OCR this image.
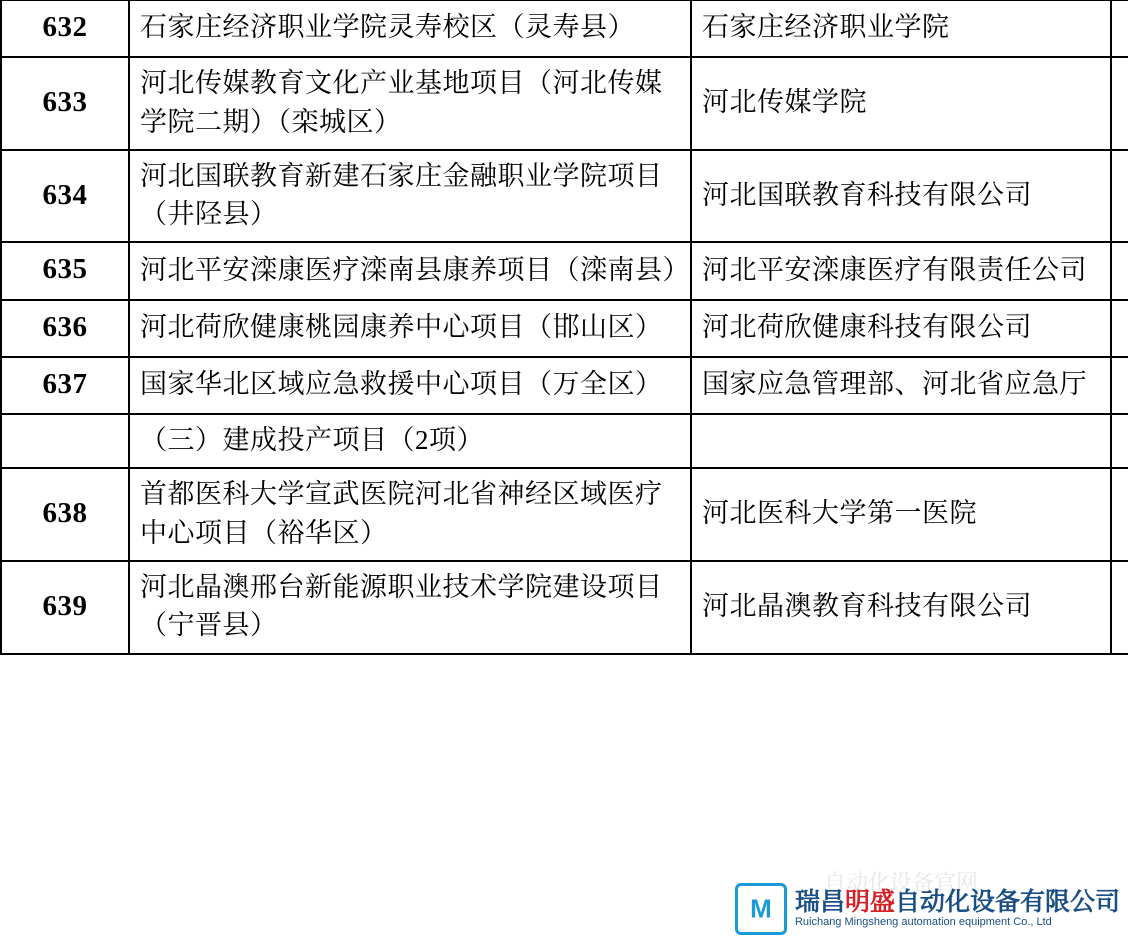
632	石家庄经济职业学院灵寿校区（灵寿县）	石家庄经济职业学院	
633	河北传媒教育文化产业基地项目（河北传媒学院二期）（栾城区）	河北传媒学院	
634	河北国联教育新建石家庄金融职业学院项目（井陉县）	河北国联教育科技有限公司	
635	河北平安滦康医疗滦南县康养项目（滦南县）	河北平安滦康医疗有限责任公司	
636	河北荷欣健康桃园康养中心项目（邯山区）	河北荷欣健康科技有限公司	
637	国家华北区域应急救援中心项目（万全区）	国家应急管理部、河北省应急厅	
	（三）建成投产项目（2项）		
638	首都医科大学宣武医院河北省神经区域医疗中心项目（裕华区）	河北医科大学第一医院	
639	河北晶澳邢台新能源职业技术学院建设项目（宁晋县）	河北晶澳教育科技有限公司	
自动化设备官网
M
瑞昌明盛自动化设备有限公司
Ruichang Mingsheng automation equipment Co., Ltd
